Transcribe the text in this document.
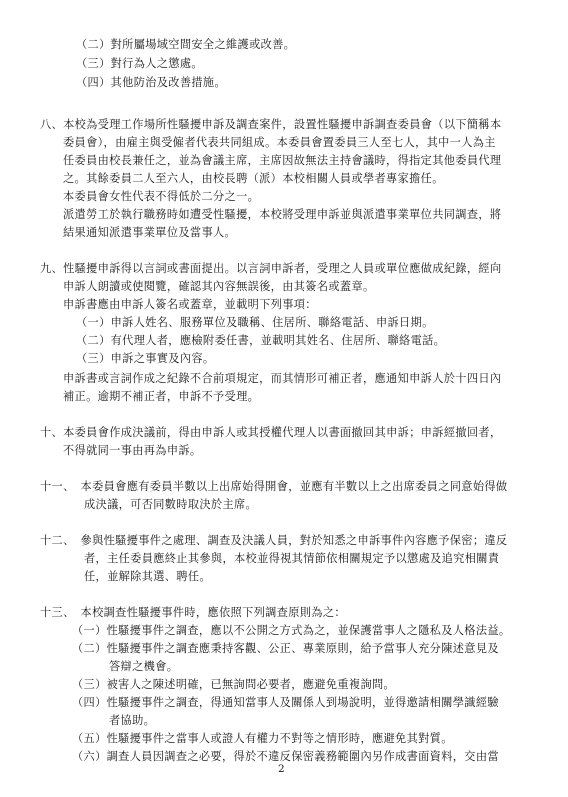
（二）對所屬場域空間安全之維護或改善。
（三）對行為人之懲處。
（四）其他防治及改善措施。
八、本校為受理工作場所性騷擾申訴及調查案件，設置性騷擾申訴調查委員會（以下簡稱本
委員會），由雇主與受僱者代表共同組成。本委員會置委員三人至七人，其中一人為主
任委員由校長兼任之，並為會議主席，主席因故無法主持會議時，得指定其他委員代理
之。其餘委員二人至六人，由校長聘（派）本校相關人員或學者專家擔任。
本委員會女性代表不得低於二分之一。
派遣勞工於執行職務時如遭受性騷擾，本校將受理申訴並與派遣事業單位共同調查，將
結果通知派遣事業單位及當事人。
九、性騷擾申訴得以言詞或書面提出。以言詞申訴者，受理之人員或單位應做成紀錄，經向
申訴人朗讀或使閱覽，確認其內容無誤後，由其簽名或蓋章。
申訴書應由申訴人簽名或蓋章，並載明下列事項：
（一）申訴人姓名、服務單位及職稱、住居所、聯絡電話、申訴日期。
（二）有代理人者，應檢附委任書，並載明其姓名、住居所、聯絡電話。
（三）申訴之事實及內容。
申訴書或言詞作成之紀錄不合前項規定，而其情形可補正者，應通知申訴人於十四日內
補正。逾期不補正者，申訴不予受理。
十、本委員會作成決議前，得由申訴人或其授權代理人以書面撤回其申訴；申訴經撤回者，
不得就同一事由再為申訴。
十一、　本委員會應有委員半數以上出席始得開會，並應有半數以上之出席委員之同意始得做
成決議，可否同數時取決於主席。
十二、　參與性騷擾事件之處理、調查及決議人員，對於知悉之申訴事件內容應予保密；違反
者，主任委員應終止其參與，本校並得視其情節依相關規定予以懲處及追究相關責
任，並解除其選、聘任。
十三、　本校調查性騷擾事件時，應依照下列調查原則為之：
（一）性騷擾事件之調查，應以不公開之方式為之，並保護當事人之隱私及人格法益。
（二）性騷擾事件之調查應秉持客觀、公正、專業原則，給予當事人充分陳述意見及
答辯之機會。
（三）被害人之陳述明確，已無詢問必要者，應避免重複詢問。
（四）性騷擾事件之調查，得通知當事人及關係人到場說明，並得邀請相關學識經驗
者協助。
（五）性騷擾事件之當事人或證人有權力不對等之情形時，應避免其對質。
（六）調查人員因調查之必要，得於不違反保密義務範圍內另作成書面資料，交由當
2
